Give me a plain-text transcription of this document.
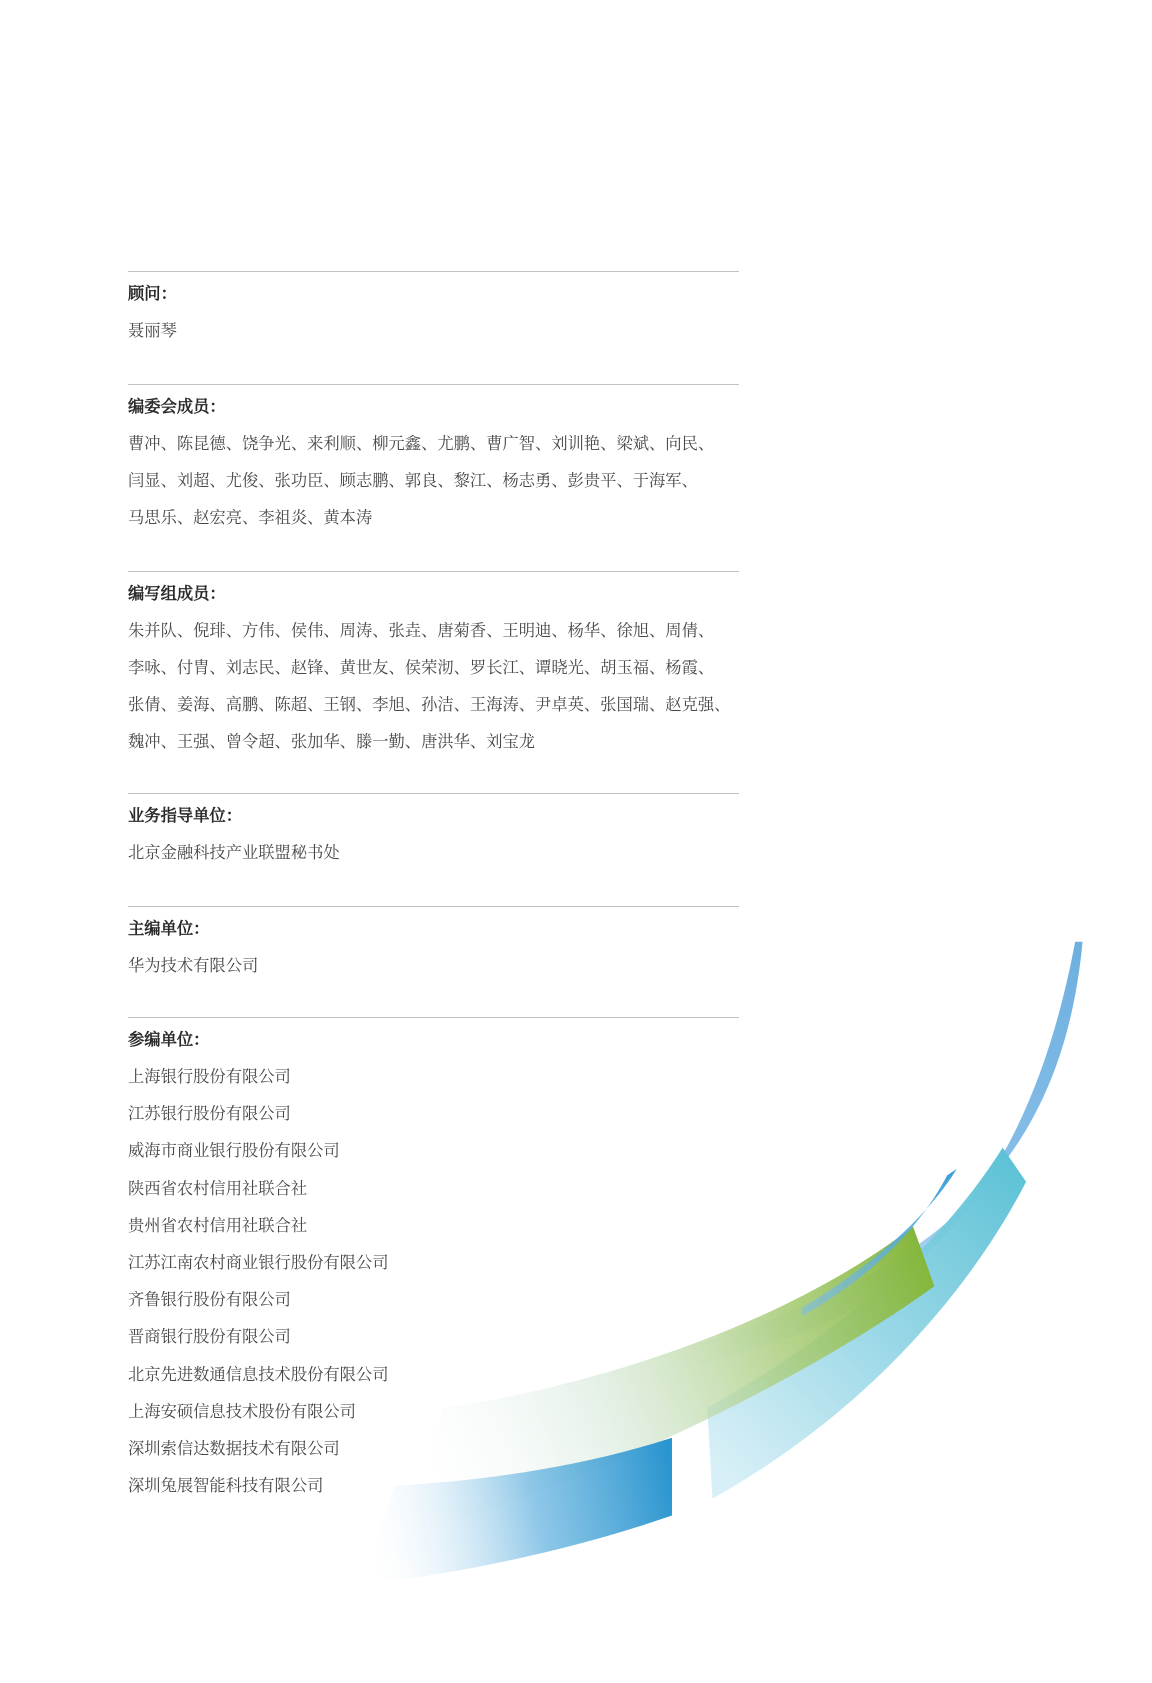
顾问：
聂丽琴
编委会成员：
曹冲、陈昆德、饶争光、来利顺、柳元鑫、尤鹏、曹广智、刘训艳、梁斌、向民、
闫显、刘超、尤俊、张功臣、顾志鹏、郭良、黎江、杨志勇、彭贵平、于海军、
马思乐、赵宏亮、李祖炎、黄本涛
编写组成员：
朱并队、倪琲、方伟、侯伟、周涛、张垚、唐菊香、王明迪、杨华、徐旭、周倩、
李咏、付胄、刘志民、赵锋、黄世友、侯荣沏、罗长江、谭晓光、胡玉福、杨霞、
张倩、姜海、高鹏、陈超、王钢、李旭、孙洁、王海涛、尹卓英、张国瑞、赵克强、
魏冲、王强、曾令超、张加华、滕一勤、唐洪华、刘宝龙
业务指导单位：
北京金融科技产业联盟秘书处
主编单位：
华为技术有限公司
参编单位：
上海银行股份有限公司
江苏银行股份有限公司
威海市商业银行股份有限公司
陕西省农村信用社联合社
贵州省农村信用社联合社
江苏江南农村商业银行股份有限公司
齐鲁银行股份有限公司
晋商银行股份有限公司
北京先进数通信息技术股份有限公司
上海安硕信息技术股份有限公司
深圳索信达数据技术有限公司
深圳兔展智能科技有限公司
